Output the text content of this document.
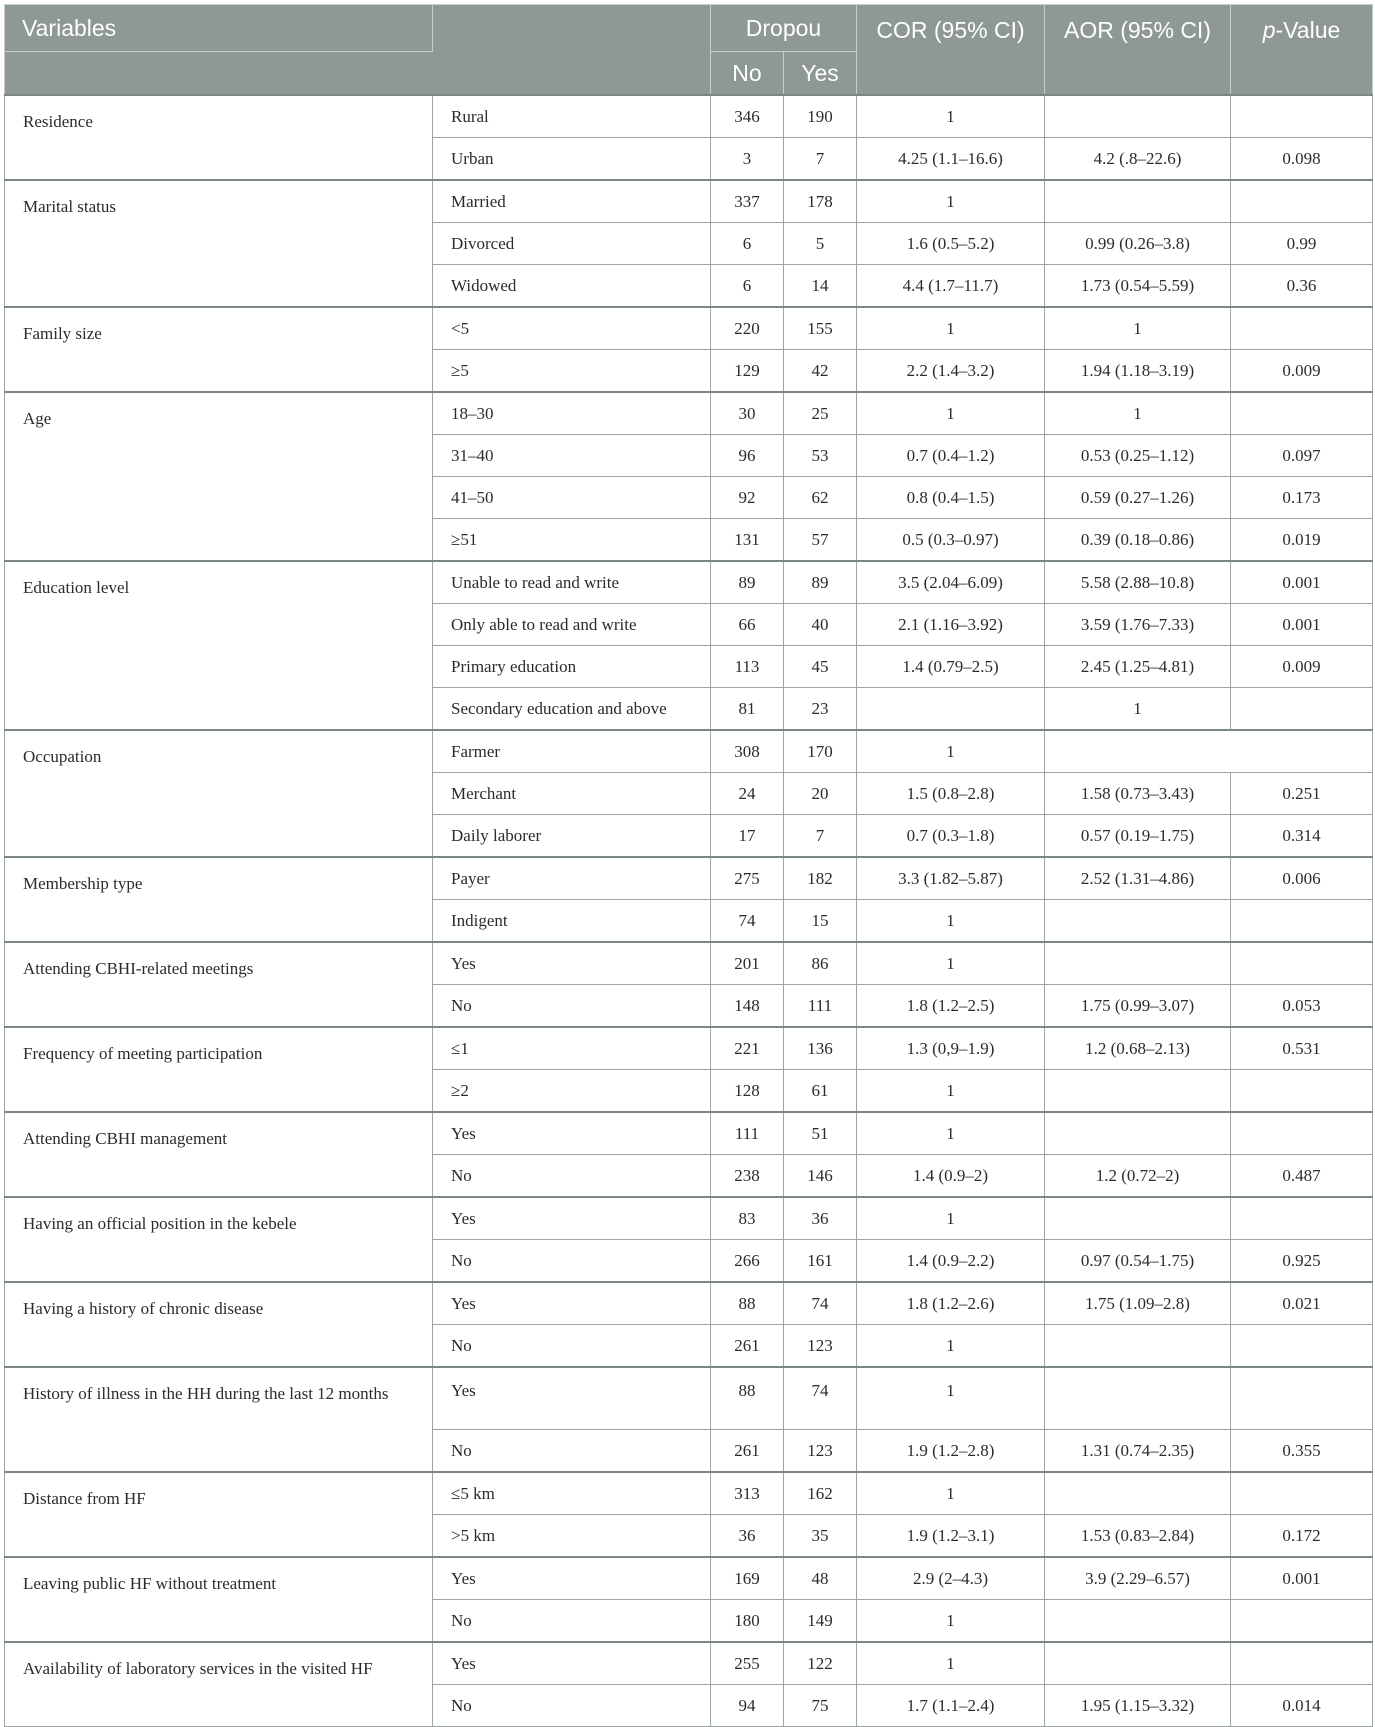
Variables		Dropou		COR (95% CI)	AOR (95% CI)	p-Value
		No	Yes			
Residence	Rural	346	190	1		
	Urban	3	7	4.25 (1.1–16.6)	4.2 (.8–22.6)	0.098
Marital status	Married	337	178	1		
	Divorced	6	5	1.6 (0.5–5.2)	0.99 (0.26–3.8)	0.99
	Widowed	6	14	4.4 (1.7–11.7)	1.73 (0.54–5.59)	0.36
Family size	<5	220	155	1	1	
	≥5	129	42	2.2 (1.4–3.2)	1.94 (1.18–3.19)	0.009
Age	18–30	30	25	1	1	
	31–40	96	53	0.7 (0.4–1.2)	0.53 (0.25–1.12)	0.097
	41–50	92	62	0.8 (0.4–1.5)	0.59 (0.27–1.26)	0.173
	≥51	131	57	0.5 (0.3–0.97)	0.39 (0.18–0.86)	0.019
Education level	Unable to read and write	89	89	3.5 (2.04–6.09)	5.58 (2.88–10.8)	0.001
	Only able to read and write	66	40	2.1 (1.16–3.92)	3.59 (1.76–7.33)	0.001
	Primary education	113	45	1.4 (0.79–2.5)	2.45 (1.25–4.81)	0.009
	Secondary education and above	81	23		1	
Occupation	Farmer	308	170	1		
	Merchant	24	20	1.5 (0.8–2.8)	1.58 (0.73–3.43)	0.251
	Daily laborer	17	7	0.7 (0.3–1.8)	0.57 (0.19–1.75)	0.314
Membership type	Payer	275	182	3.3 (1.82–5.87)	2.52 (1.31–4.86)	0.006
	Indigent	74	15	1		
Attending CBHI-related meetings	Yes	201	86	1		
	No	148	111	1.8 (1.2–2.5)	1.75 (0.99–3.07)	0.053
Frequency of meeting participation	≤1	221	136	1.3 (0,9–1.9)	1.2 (0.68–2.13)	0.531
	≥2	128	61	1		
Attending CBHI management	Yes	111	51	1		
	No	238	146	1.4 (0.9–2)	1.2 (0.72–2)	0.487
Having an official position in the kebele	Yes	83	36	1		
	No	266	161	1.4 (0.9–2.2)	0.97 (0.54–1.75)	0.925
Having a history of chronic disease	Yes	88	74	1.8 (1.2–2.6)	1.75 (1.09–2.8)	0.021
	No	261	123	1		
History of illness in the HH during the last 12 months	Yes	88	74	1		
	No	261	123	1.9 (1.2–2.8)	1.31 (0.74–2.35)	0.355
Distance from HF	≤5 km	313	162	1		
	>5 km	36	35	1.9 (1.2–3.1)	1.53 (0.83–2.84)	0.172
Leaving public HF without treatment	Yes	169	48	2.9 (2–4.3)	3.9 (2.29–6.57)	0.001
	No	180	149	1		
Availability of laboratory services in the visited HF	Yes	255	122	1		
	No	94	75	1.7 (1.1–2.4)	1.95 (1.15–3.32)	0.014
